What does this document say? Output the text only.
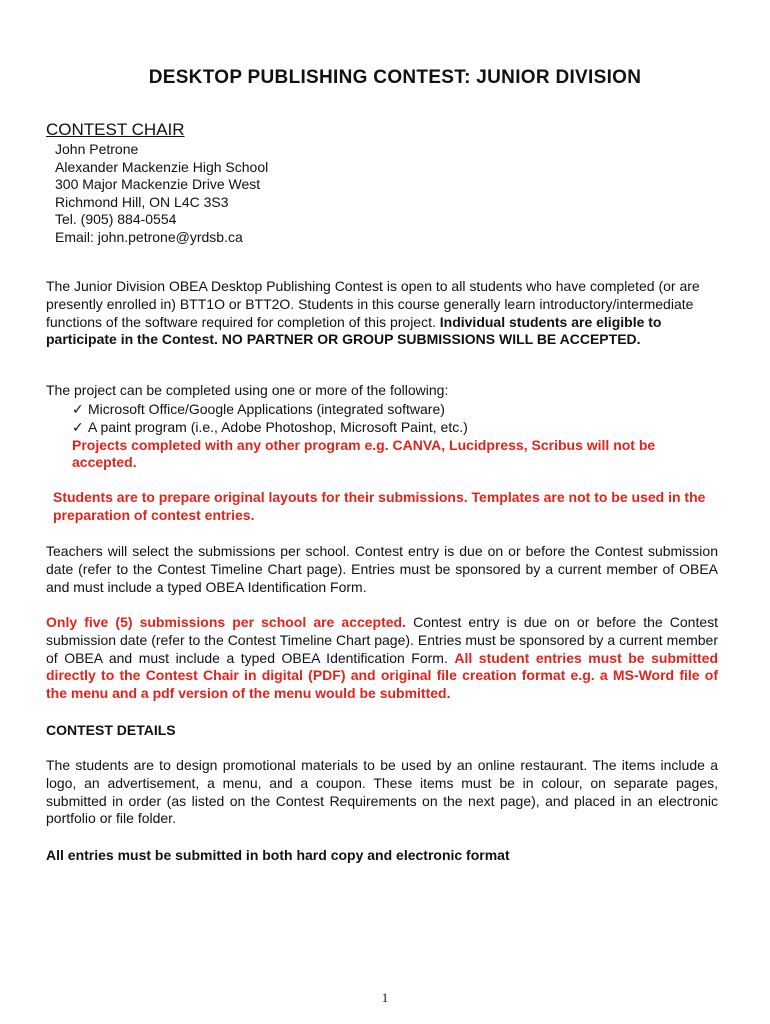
DESKTOP PUBLISHING CONTEST: JUNIOR DIVISION
CONTEST CHAIR
John Petrone
Alexander Mackenzie High School
300 Major Mackenzie Drive West
Richmond Hill, ON L4C 3S3
Tel. (905) 884-0554
Email: john.petrone@yrdsb.ca
The Junior Division OBEA Desktop Publishing Contest is open to all students who have completed (or are presently enrolled in) BTT1O or BTT2O. Students in this course generally learn introductory/intermediate functions of the software required for completion of this project. Individual students are eligible to participate in the Contest. NO PARTNER OR GROUP SUBMISSIONS WILL BE ACCEPTED.
The project can be completed using one or more of the following:
✓ Microsoft Office/Google Applications (integrated software)
✓ A paint program (i.e., Adobe Photoshop, Microsoft Paint, etc.)
Projects completed with any other program e.g. CANVA, Lucidpress, Scribus will not be accepted.
Students are to prepare original layouts for their submissions. Templates are not to be used in the preparation of contest entries.
Teachers will select the submissions per school. Contest entry is due on or before the Contest submission date (refer to the Contest Timeline Chart page). Entries must be sponsored by a current member of OBEA and must include a typed OBEA Identification Form.
Only five (5) submissions per school are accepted. Contest entry is due on or before the Contest submission date (refer to the Contest Timeline Chart page). Entries must be sponsored by a current member of OBEA and must include a typed OBEA Identification Form. All student entries must be submitted directly to the Contest Chair in digital (PDF) and original file creation format e.g. a MS-Word file of the menu and a pdf version of the menu would be submitted.
CONTEST DETAILS
The students are to design promotional materials to be used by an online restaurant. The items include a logo, an advertisement, a menu, and a coupon. These items must be in colour, on separate pages, submitted in order (as listed on the Contest Requirements on the next page), and placed in an electronic portfolio or file folder.
All entries must be submitted in both hard copy and electronic format
1
